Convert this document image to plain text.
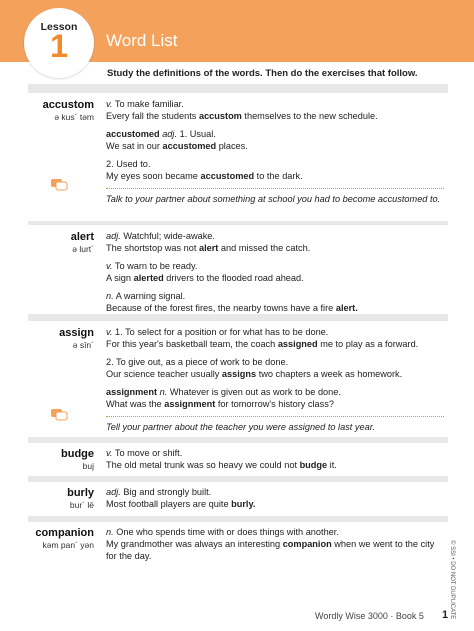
Lesson
1	Word List
Study the definitions of the words. Then do the exercises that follow.
accustom
ə kus´ təm

v. To make familiar.
Every fall the students accustom themselves to the new schedule.

accustomed adj. 1. Usual.
We sat in our accustomed places.

2. Used to.
My eyes soon became accustomed to the dark.

Talk to your partner about something at school you had to become accustomed to.

alert
ə lurt´

adj. Watchful; wide-awake.
The shortstop was not alert and missed the catch.

v. To warn to be ready.
A sign alerted drivers to the flooded road ahead.

n. A warning signal.
Because of the forest fires, the nearby towns have a fire alert.

assign
ə sīn´

v. 1. To select for a position or for what has to be done.
For this year's basketball team, the coach assigned me to play as a forward.

2. To give out, as a piece of work to be done.
Our science teacher usually assigns two chapters a week as homework.

assignment n. Whatever is given out as work to be done.
What was the assignment for tomorrow's history class?

Tell your partner about the teacher you were assigned to last year.

budge
buj

v. To move or shift.
The old metal trunk was so heavy we could not budge it.

burly
bur´ lē

adj. Big and strongly built.
Most football players are quite burly.

companion
kəm pan´ yən

n. One who spends time with or does things with another.
My grandmother was always an interesting companion when we went to the city for the day.	© SSI • DO NOT DUPLICATE
Wordly Wise 3000 · Book 5 1
